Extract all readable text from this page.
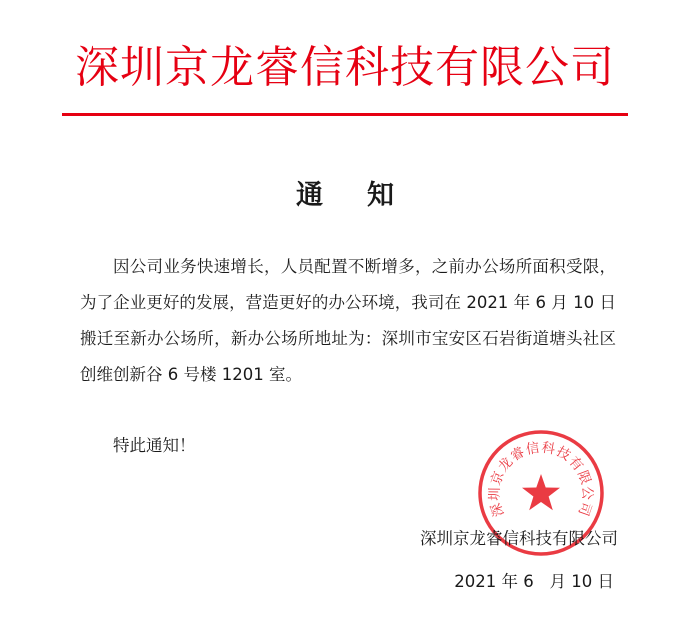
深圳京龙睿信科技有限公司
通知

因公司业务快速增长，人员配置不断增多，之前办公场所面积受限，为了企业更好的发展，营造更好的办公环境，我司在 2021 年 6 月 10 日搬迁至新办公场所，新办公场所地址为：深圳市宝安区石岩街道塘头社区创维创新谷 6 号楼 1201 室。

特此通知！

深圳京龙睿信科技有限公司

深圳京龙睿信科技有限公司

2021 年 6   月 10 日
